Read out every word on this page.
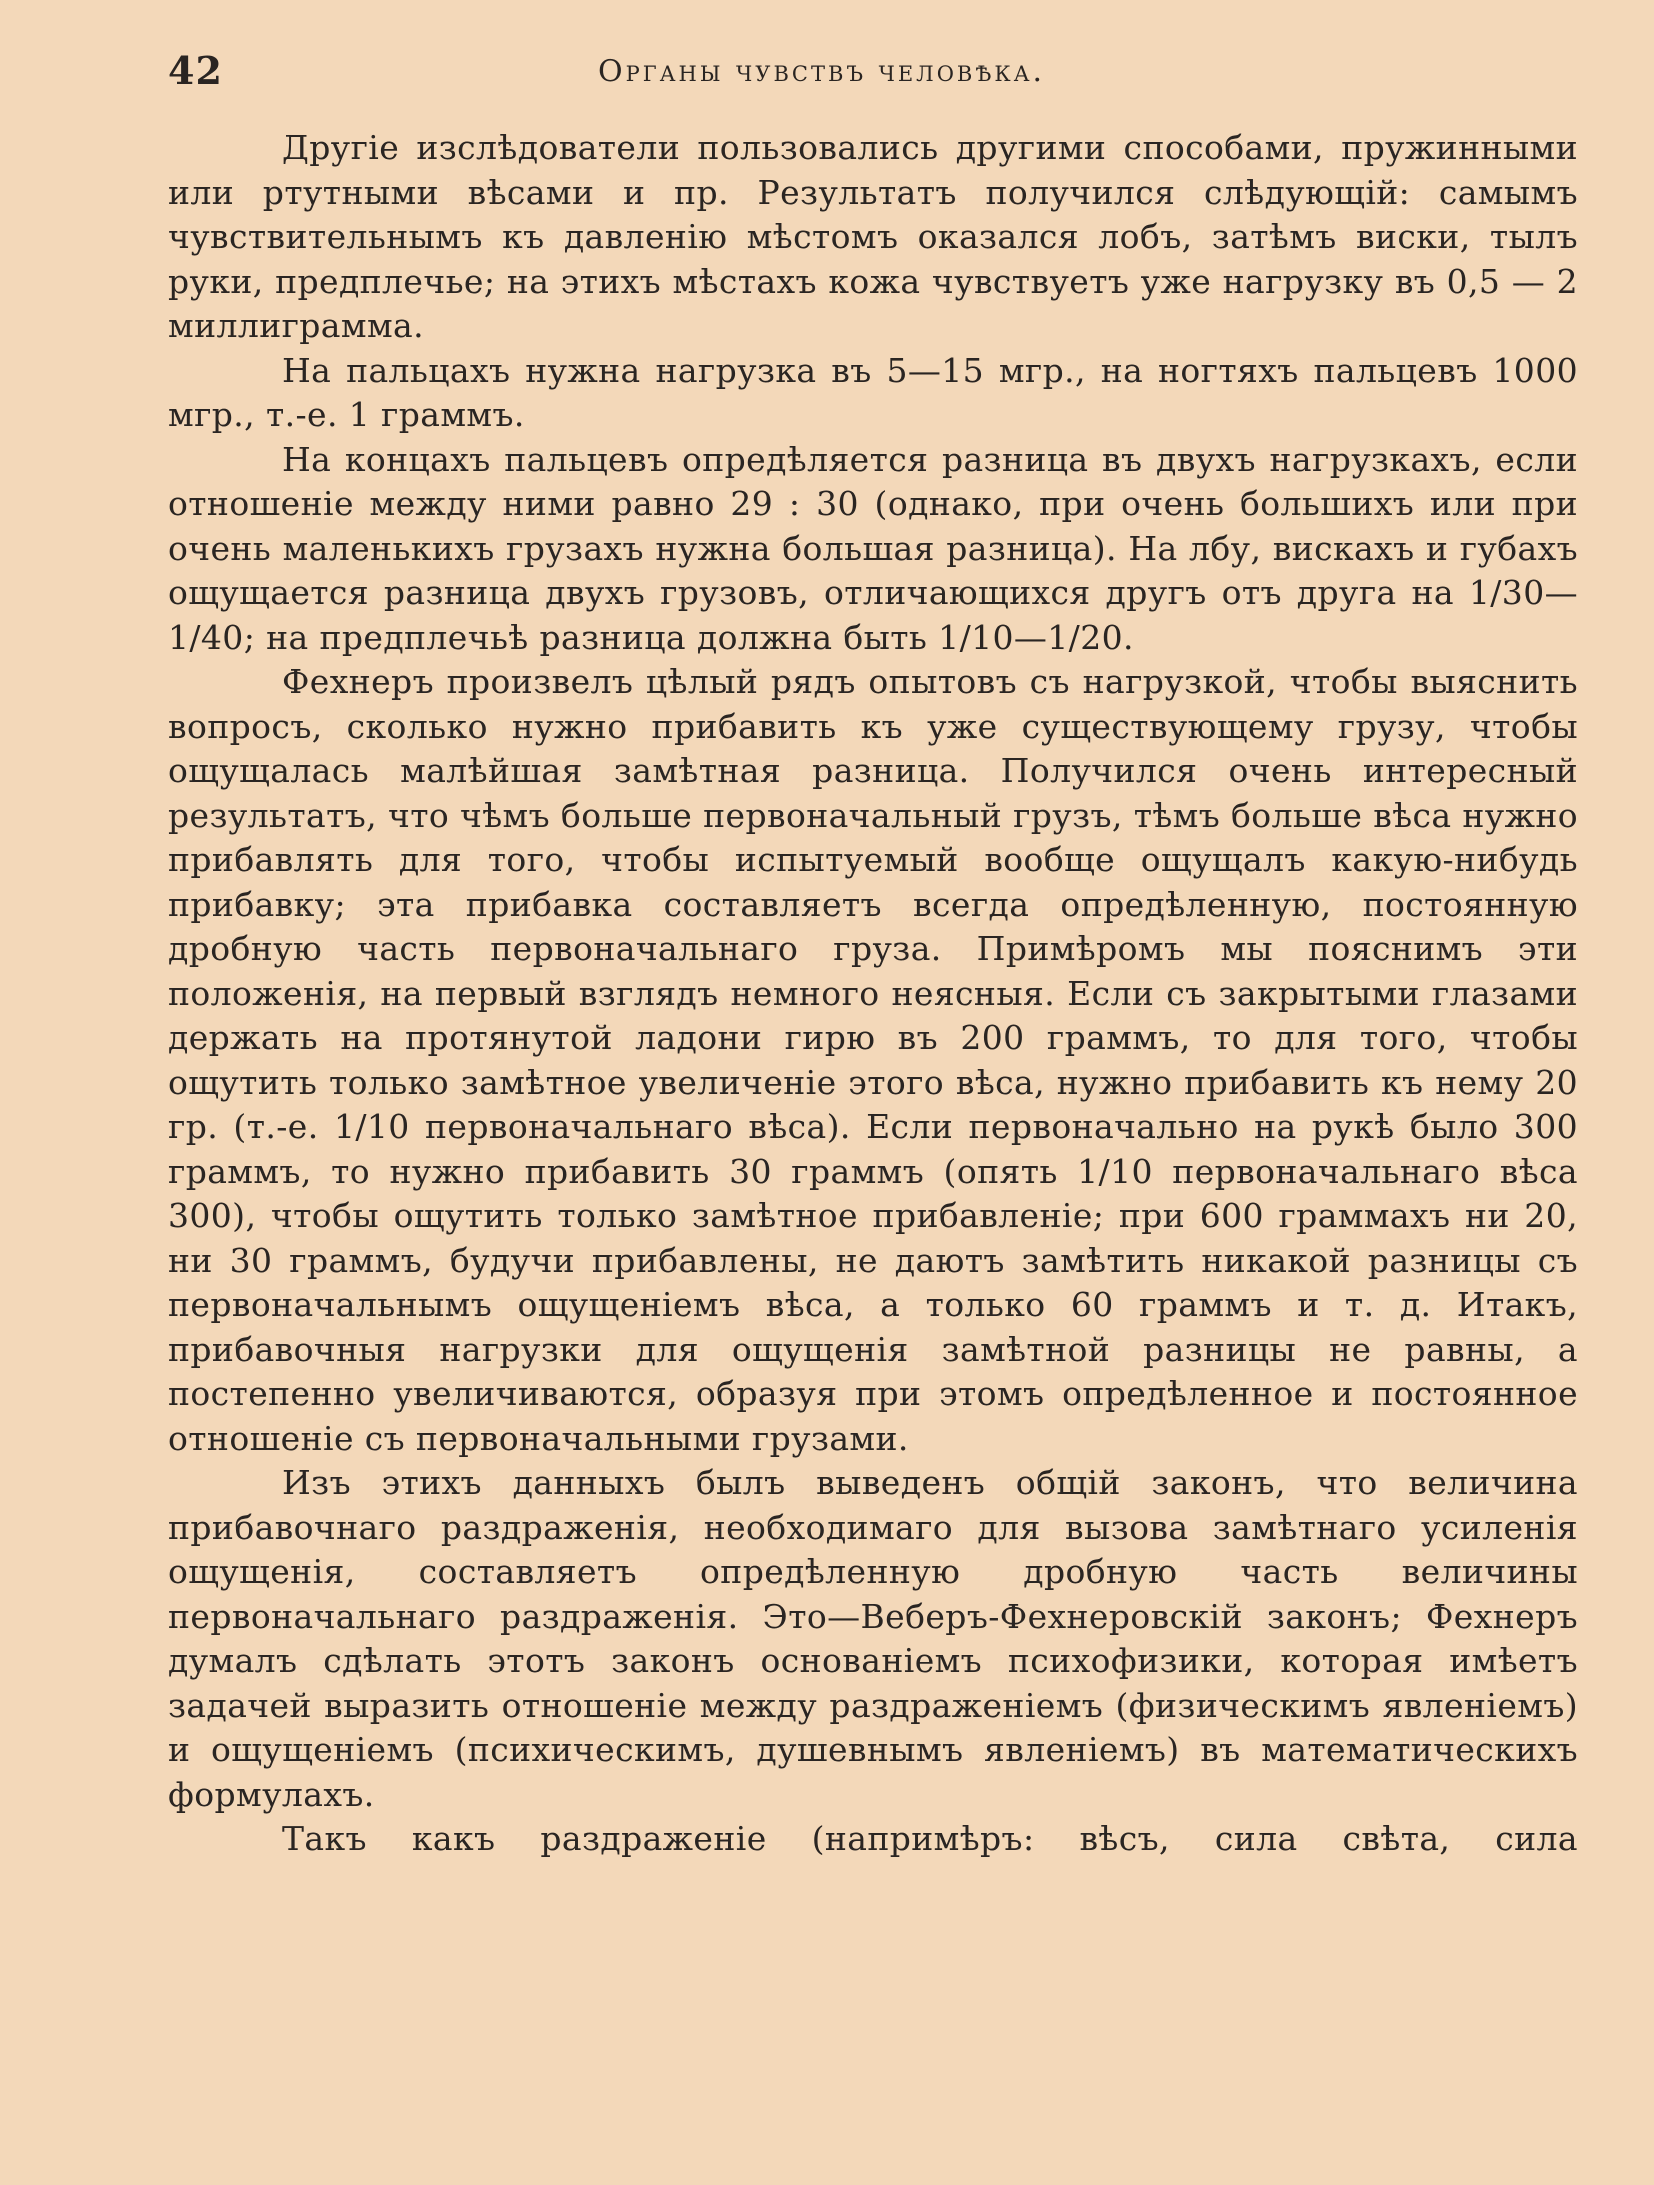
42	Органы чувствъ человѣка.

Другіе изслѣдователи пользовались другими способами, пружинными или ртутными вѣсами и пр. Результатъ получился слѣдующій: самымъ чувствительнымъ къ давленію мѣстомъ оказался лобъ, затѣмъ виски, тылъ руки, предплечье; на этихъ мѣстахъ кожа чувствуетъ уже нагрузку въ 0,5 — 2 миллиграмма.

На пальцахъ нужна нагрузка въ 5—15 мгр., на ногтяхъ пальцевъ 1000 мгр., т.-е. 1 граммъ.

На концахъ пальцевъ опредѣляется разница въ двухъ нагрузкахъ, если отношеніе между ними равно 29 : 30 (однако, при очень большихъ или при очень маленькихъ грузахъ нужна большая разница). На лбу, вискахъ и губахъ ощущается разница двухъ грузовъ, отличающихся другъ отъ друга на 1/30—1/40; на предплечьѣ разница должна быть 1/10—1/20.

Фехнеръ произвелъ цѣлый рядъ опытовъ съ нагрузкой, чтобы выяснить вопросъ, сколько нужно прибавить къ уже существующему грузу, чтобы ощущалась малѣйшая замѣтная разница. Получился очень интересный результатъ, что чѣмъ больше первоначальный грузъ, тѣмъ больше вѣса нужно прибавлять для того, чтобы испытуемый вообще ощущалъ какую-нибудь прибавку; эта прибавка составляетъ всегда опредѣленную, постоянную дробную часть первоначальнаго груза. Примѣромъ мы пояснимъ эти положенія, на первый взглядъ немного неясныя. Если съ закрытыми глазами держать на протянутой ладони гирю въ 200 граммъ, то для того, чтобы ощутить только замѣтное увеличеніе этого вѣса, нужно прибавить къ нему 20 гр. (т.-е. 1/10 первоначальнаго вѣса). Если первоначально на рукѣ было 300 граммъ, то нужно прибавить 30 граммъ (опять 1/10 первоначальнаго вѣса 300), чтобы ощутить только замѣтное прибавленіе; при 600 граммахъ ни 20, ни 30 граммъ, будучи прибавлены, не даютъ замѣтить никакой разницы съ первоначальнымъ ощущеніемъ вѣса, а только 60 граммъ и т. д. Итакъ, прибавочныя нагрузки для ощущенія замѣтной разницы не равны, а постепенно увеличиваются, образуя при этомъ опредѣленное и постоянное отношеніе съ первоначальными грузами.

Изъ этихъ данныхъ былъ выведенъ общій законъ, что величина прибавочнаго раздраженія, необходимаго для вызова замѣтнаго усиленія ощущенія, составляетъ опредѣленную дробную часть величины первоначальнаго раздраженія. Это—Веберъ-Фехнеровскій законъ; Фехнеръ думалъ сдѣлать этотъ законъ основаніемъ психофизики, которая имѣетъ задачей выразить отношеніе между раздраженіемъ (физическимъ явленіемъ) и ощущеніемъ (психическимъ, душевнымъ явленіемъ) въ математическихъ формулахъ.

Такъ какъ раздраженіе (напримѣръ: вѣсъ, сила свѣта, сила
